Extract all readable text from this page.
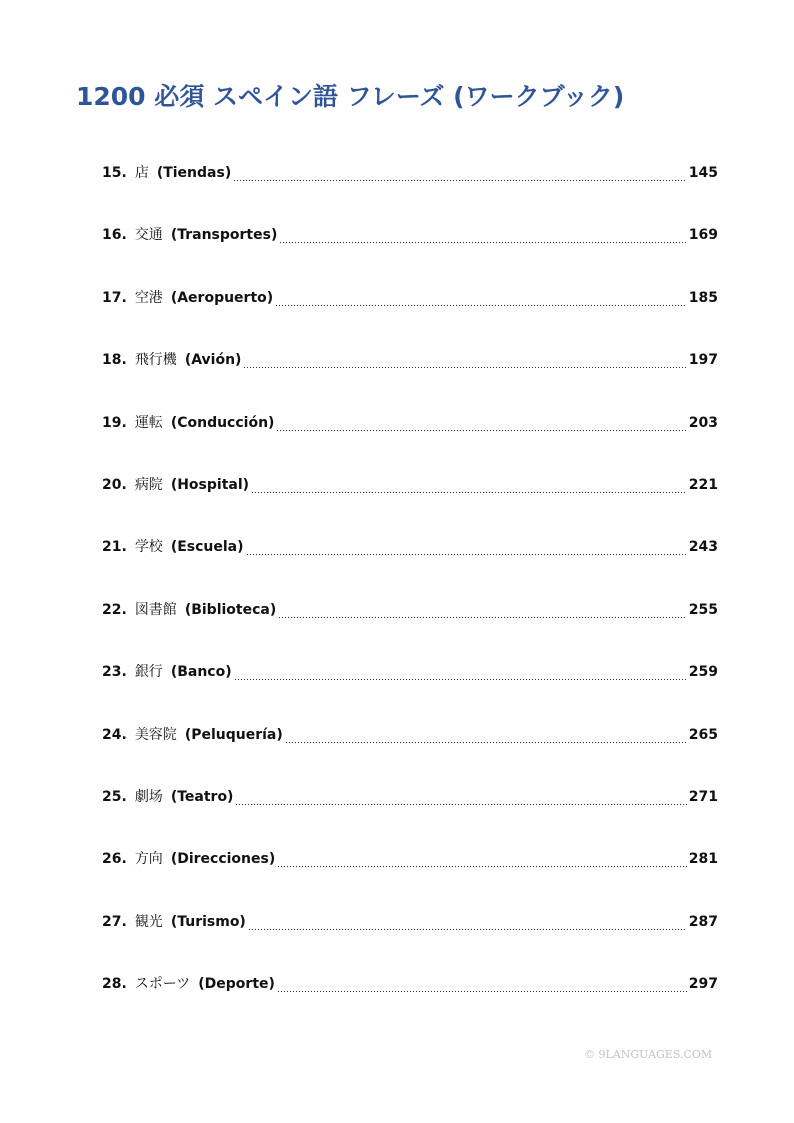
1200 必須 スペイン語 フレーズ (ワークブック)
15. 店 (Tiendas)	145
16. 交通 (Transportes)	169
17. 空港 (Aeropuerto)	185
18. 飛行機 (Avión)	197
19. 運転 (Conducción)	203
20. 病院 (Hospital)	221
21. 学校 (Escuela)	243
22. 図書館 (Biblioteca)	255
23. 銀行 (Banco)	259
24. 美容院 (Peluquería)	265
25. 劇场 (Teatro)	271
26. 方向 (Direcciones)	281
27. 観光 (Turismo)	287
28. スポーツ (Deporte)	297
© 9LANGUAGES.COM
